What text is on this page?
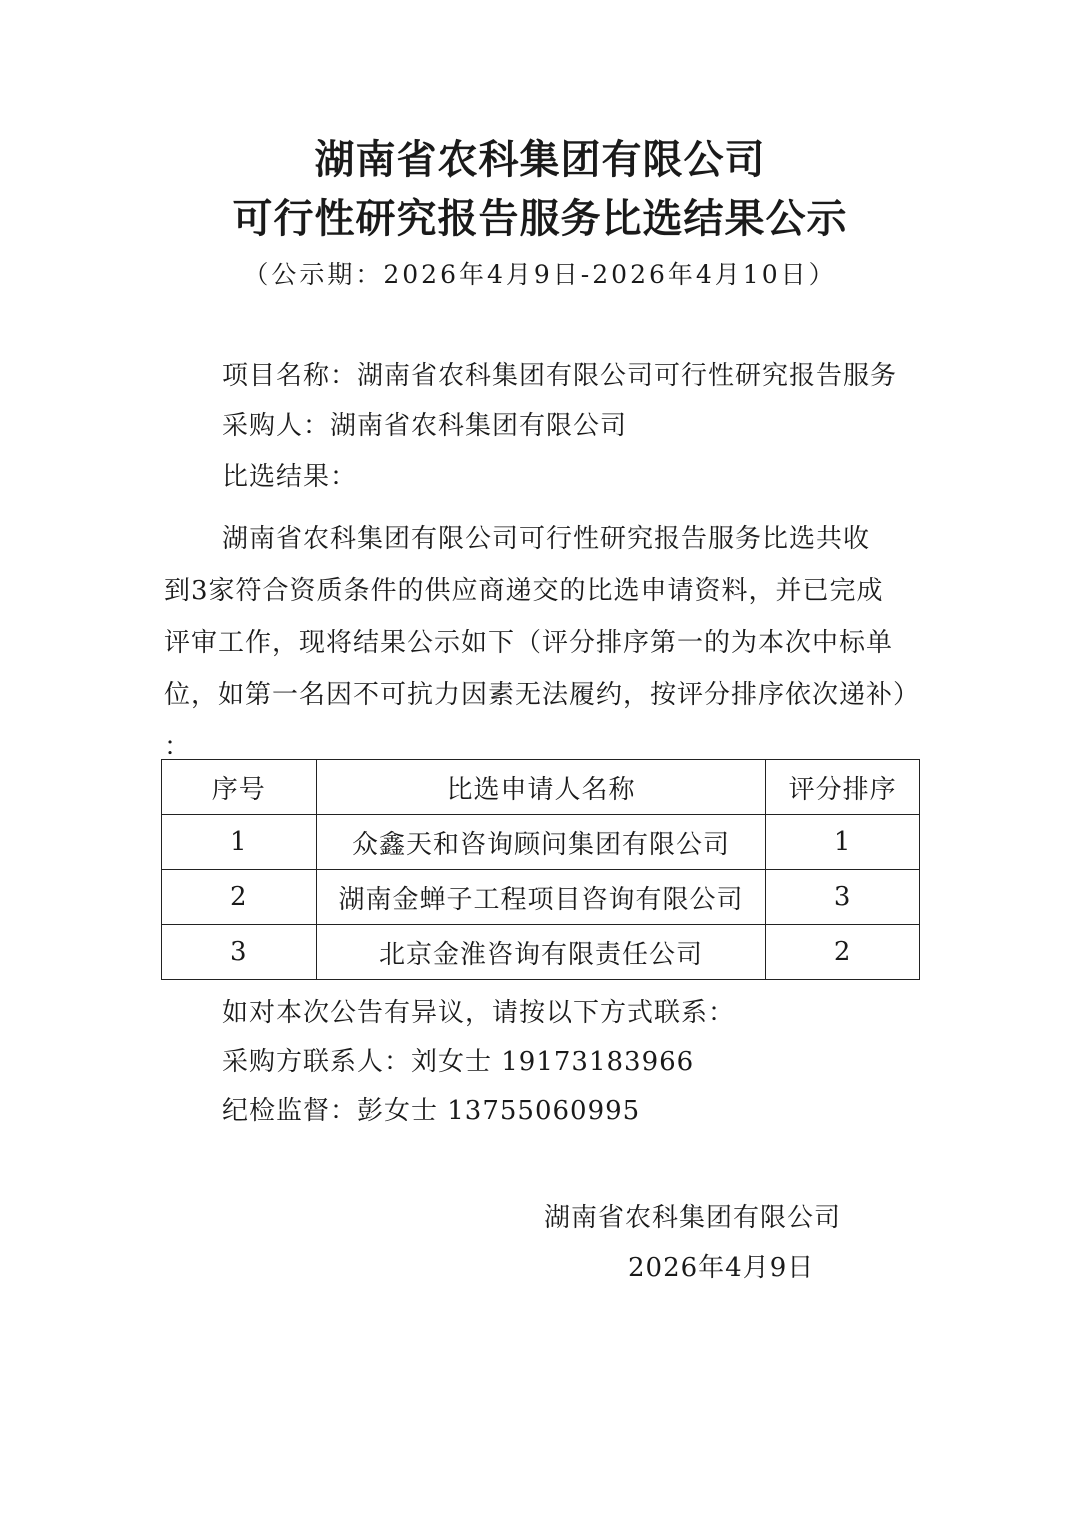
湖南省农科集团有限公司
可行性研究报告服务比选结果公示
（公示期：2026年4月9日-2026年4月10日）
项目名称：湖南省农科集团有限公司可行性研究报告服务
采购人：湖南省农科集团有限公司
比选结果：
湖南省农科集团有限公司可行性研究报告服务比选共收
到3家符合资质条件的供应商递交的比选申请资料，并已完成
评审工作，现将结果公示如下（评分排序第一的为本次中标单
位，如第一名因不可抗力因素无法履约，按评分排序依次递补）
：
序号	比选申请人名称	评分排序
1	众鑫天和咨询顾问集团有限公司	1
2	湖南金蝉子工程项目咨询有限公司	3
3	北京金淮咨询有限责任公司	2
如对本次公告有异议，请按以下方式联系：
采购方联系人：刘女士 19173183966
纪检监督：彭女士 13755060995
湖南省农科集团有限公司
2026年4月9日
